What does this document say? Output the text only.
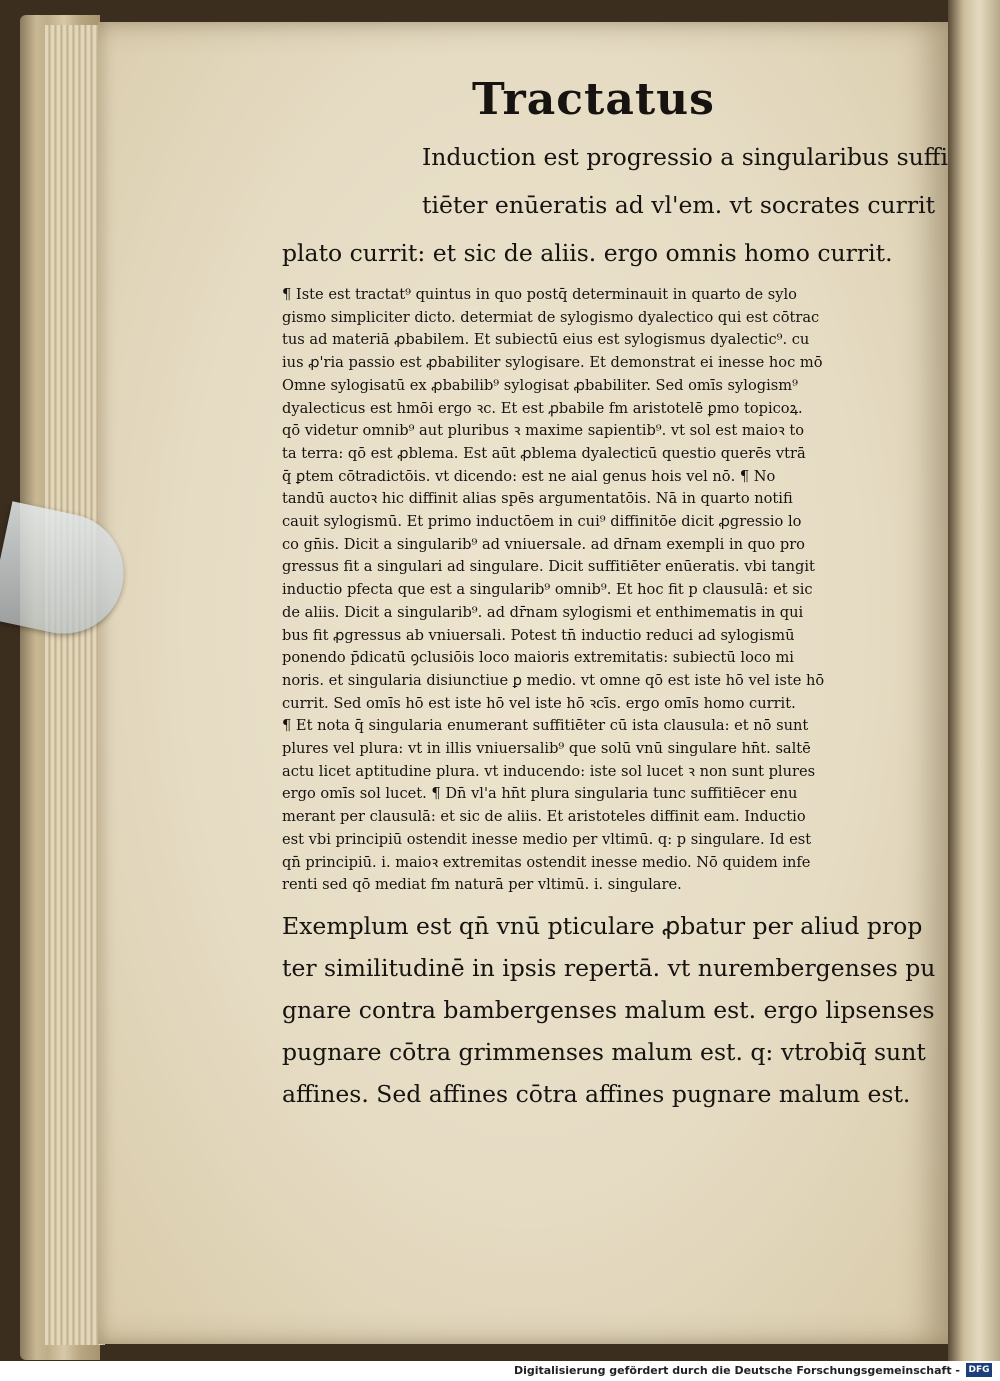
Tractatus
Induction est progressio a singularibus suffi
tiēter enūeratis ad vl'em. vt socrates currit
plato currit: et sic de aliis. ergo omnis homo currit.
¶ Iste est tractat⁹ quintus in quo postq̄ determinauit in quarto de sylo
gismo simpliciter dicto. determiat de sylogismo dyalectico qui est cōtrac
tus ad materiā ꝓbabilem. Et subiectū eius est sylogismus dyalectic⁹. cu
ius ꝓ'ria passio est ꝓbabiliter sylogisare. Et demonstrat ei inesse hoc mō
Omne sylogisatū ex ꝓbabilib⁹ sylogisat ꝓbabiliter. Sed omīs sylogism⁹
dyalecticus est hmōi ergo ꝛc. Et est ꝓbabile fm aristotelē ꝑmo topicoꝝ.
qō videtur omnib⁹ aut pluribus ꝛ maxime sapientib⁹. vt sol est maioꝛ to
ta terra: qō est ꝓblema. Est aūt ꝓblema dyalecticū questio querēs vtrā
q̄ ꝑtem cōtradictōis. vt dicendo: est ne aial genus hois vel nō. ¶ No
tandū auctoꝛ hic diffinit alias spēs argumentatōis. Nā in quarto notifi
cauit sylogismū. Et primo inductōem in cui⁹ diffinitōe dicit ꝓgressio lo
co gn̄is. Dicit a singularib⁹ ad vniuersale. ad dr̄nam exempli in quo pro
gressus fit a singulari ad singulare. Dicit suffitiēter enūeratis. vbi tangit
inductio pfecta que est a singularib⁹ omnib⁹. Et hoc fit p clausulā: et sic
de aliis. Dicit a singularib⁹. ad dr̄nam sylogismi et enthimematis in qui
bus fit ꝓgressus ab vniuersali. Potest tn̄ inductio reduci ad sylogismū
ponendo p̄dicatū ꝯclusiōis loco maioris extremitatis: subiectū loco mi
noris. et singularia disiunctiue ꝑ medio. vt omne qō est iste hō vel iste hō
currit. Sed omīs hō est iste hō vel iste hō ꝛcīs. ergo omīs homo currit.
¶ Et nota q̄ singularia enumerant suffitiēter cū ista clausula: et nō sunt
plures vel plura: vt in illis vniuersalib⁹ que solū vnū singulare hn̄t. saltē
actu licet aptitudine plura. vt inducendo: iste sol lucet ꝛ non sunt plures
ergo omīs sol lucet. ¶ Dn̄ vl'a hn̄t plura singularia tunc suffitiēcer enu
merant per clausulā: et sic de aliis. Et aristoteles diffinit eam. Inductio
est vbi principiū ostendit inesse medio per vltimū. q: p singulare. Id est
qn̄ principiū. i. maioꝛ extremitas ostendit inesse medio. Nō quidem infe
renti sed qō mediat fm naturā per vltimū. i. singulare.
Exemplum est qn̄ vnū pticulare ꝓbatur per aliud prop
ter similitudinē in ipsis repertā. vt nurembergenses pu
gnare contra bambergenses malum est. ergo lipsenses
pugnare cōtra grimmenses malum est. q: vtrobiq̄ sunt
affines. Sed affines cōtra affines pugnare malum est.
Digitalisierung gefördert durch die Deutsche Forschungsgemeinschaft - DFG
